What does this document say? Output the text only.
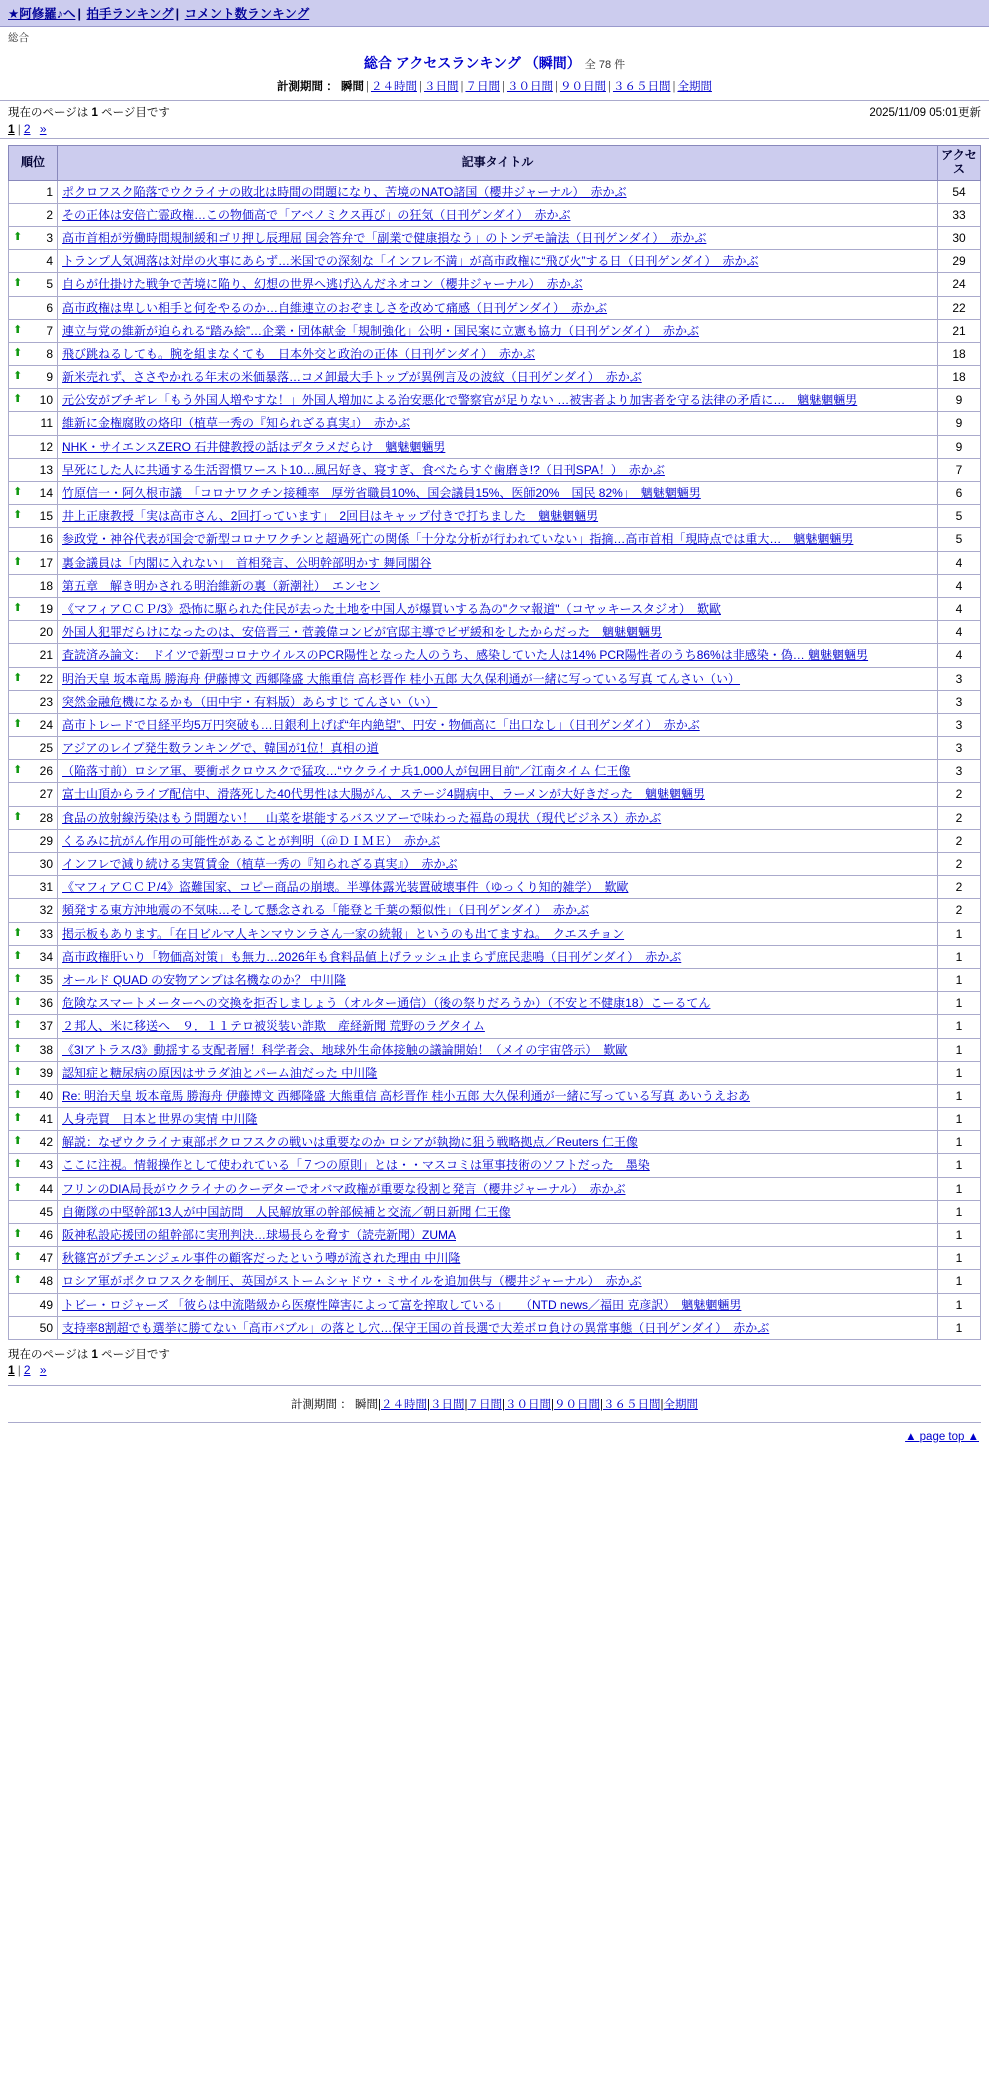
★阿修羅♪へ | 拍手ランキング | コメント数ランキング
総合
総合 アクセスランキング （瞬間） 全 78 件
計測期間 ： 瞬間 | ２４時間 | ３日間 | ７日間 | ３０日間 | ９０日間 | ３６５日間 | 全期間
現在のページは 1 ページ目です
1 | 2 »
2025/11/09 05:01更新
順位	記事タイトル	アクセス
1	ポクロフスク陥落でウクライナの敗北は時間の問題になり、苦境のNATO諸国（櫻井ジャーナル）　赤かぶ	54
2	その正体は安倍亡霊政権…この物価高で「アベノミクス再び」の狂気（日刊ゲンダイ）　赤かぶ	33

⬆ 3	高市首相が労働時間規制緩和ゴリ押し辰理屈 国会答弁で「副業で健康損なう」のトンデモ論法（日刊ゲンダイ）　赤かぶ	30
4	トランプ人気凋落は対岸の火事にあらず…米国での深刻な「インフレ不満」が高市政権に“飛び火”する日（日刊ゲンダイ）　赤かぶ	29

⬆ 5	自らが仕掛けた戦争で苦境に陥り、幻想の世界へ逃げ込んだネオコン（櫻井ジャーナル）　赤かぶ	24
6	高市政権は卑しい相手と何をやるのか…自維連立のおぞましさを改めて痛感（日刊ゲンダイ）　赤かぶ	22

⬆ 7	連立与党の維新が迫られる“踏み絵”…企業・団体献金「規制強化」公明・国民案に立憲も協力（日刊ゲンダイ）　赤かぶ	21

⬆ 8	飛び跳ねるしても。腕を組まなくても　日本外交と政治の正体（日刊ゲンダイ）　赤かぶ	18

⬆ 9	新米売れず、ささやかれる年末の米価暴落…コメ卸最大手トップが異例言及の波紋（日刊ゲンダイ）　赤かぶ	18

⬆ 10	元公安がブチギレ「もう外国人増やすな！」外国人増加による治安悪化で警察官が足りない …被害者より加害者を守る法律の矛盾に…　魑魅魍魎男	9
11	維新に金権腐敗の烙印（植草一秀の『知られざる真実』）　赤かぶ	9
12	NHK・サイエンスZERO 石井健教授の話はデタラメだらけ　魑魅魍魎男	9
13	早死にした人に共通する生活習慣ワースト10…風呂好き、寝すぎ、食べたらすぐ歯磨き!?（日刊SPA！）　赤かぶ	7

⬆ 14	竹原信一・阿久根市議　「コロナワクチン接種率　厚労省職員10%、国会議員15%、医師20%　国民 82%」　魑魅魍魎男	6

⬆ 15	井上正康教授「実は高市さん、2回打っています」　2回目はキャップ付きで打ちました　魑魅魍魎男	5
16	参政党・神谷代表が国会で新型コロナワクチンと超過死亡の関係「十分な分析が行われていない」指摘…高市首相「現時点では重大…　魑魅魍魎男	5

⬆ 17	裏金議員は「内閣に入れない」　首相発言、公明幹部明かす 舞同閣谷	4
18	第五章　解き明かされる明治維新の裏（新潮社）　エンセン	4

⬆ 19	《マフィアＣＣＰ/3》恐怖に駆られた住民が去った土地を中国人が爆買いする為の"クマ報道"（コヤッキースタジオ）　歎歐	4
20	外国人犯罪だらけになったのは、安倍晋三・菅義偉コンビが官邸主導でビザ緩和をしたからだった　魑魅魍魎男	4
21	査読済み論文：　ドイツで新型コロナウイルスのPCR陽性となった人のうち、感染していた人は14% PCR陽性者のうち86%は非感染・偽… 魑魅魍魎男	4

⬆ 22	明治天皇 坂本竜馬 勝海舟 伊藤博文 西郷隆盛 大熊重信 高杉晋作 桂小五郎 大久保利通が一緒に写っている写真 てんさい（い）	3
23	突然金融危機になるかも（田中宇・有料版）あらすじ てんさい（い）	3

⬆ 24	高市トレードで日経平均5万円突破も…日銀利上げば“年内絶望”、円安・物価高に「出口なし」（日刊ゲンダイ）　赤かぶ	3
25	アジアのレイプ発生数ランキングで、韓国が1位！真相の道	3

⬆ 26	（陥落寸前）ロシア軍、要衝ポクロウスクで猛攻…“ウクライナ兵1,000人が包囲目前”／江南タイム 仁王像	3
27	富士山頂からライブ配信中、滑落死した40代男性は大腸がん、ステージ4闘病中、ラーメンが大好きだった　魑魅魍魎男	2

⬆ 28	食品の放射線汚染はもう問題ない！　山菜を堪能するバスツアーで味わった福島の現状（現代ビジネス）赤かぶ	2
29	くるみに抗がん作用の可能性があることが判明（＠ＤＩＭＥ）　赤かぶ	2
30	インフレで減り続ける実質賃金（植草一秀の『知られざる真実』）　赤かぶ	2
31	《マフィアＣＣＰ/4》盗難国家、コピー商品の崩壊。半導体露光装置破壊事件（ゆっくり知的雑学）　歎歐	2
32	頻発する東方沖地震の不気味…そして懸念される「能登と千葉の類似性」（日刊ゲンダイ）　赤かぶ	2

⬆ 33	掲示板もあります。「在日ビルマ人キンマウンラさん一家の続報」というのも出てますね。　クエスチョン	1

⬆ 34	高市政権肝いり「物価高対策」も無力…2026年も食料品値上げラッシュ止まらず庶民悲鳴（日刊ゲンダイ）　赤かぶ	1

⬆ 35	オールド QUAD の安物アンプは名機なのか？ 中川隆	1

⬆ 36	危険なスマートメーターへの交換を拒否しましょう（オルター通信）（後の祭りだろうか）（不安と不健康18）こーるてん	1

⬆ 37	２邦人、米に移送へ　９．１１テロ被災装い詐欺　産経新聞 荒野のラグタイム	1

⬆ 38	《3Iアトラス/3》動揺する支配者層！科学者会、地球外生命体接触の議論開始！（メイの宇宙啓示）　歎歐	1

⬆ 39	認知症と糖尿病の原因はサラダ油とパーム油だった 中川隆	1

⬆ 40	Re: 明治天皇 坂本竜馬 勝海舟 伊藤博文 西郷隆盛 大熊重信 高杉晋作 桂小五郎 大久保利通が一緒に写っている写真 あいうえおあ	1

⬆ 41	人身売買　日本と世界の実情 中川隆	1

⬆ 42	解説：なぜウクライナ東部ポクロフスクの戦いは重要なのか ロシアが執拗に狙う戦略拠点／Reuters 仁王像	1

⬆ 43	ここに注視。情報操作として使われている「７つの原則」とは・・マスコミは軍事技術のソフトだった　墨染	1

⬆ 44	フリンのDIA局長がウクライナのクーデターでオバマ政権が重要な役割と発言（櫻井ジャーナル）　赤かぶ	1
45	自衛隊の中堅幹部13人が中国訪問　人民解放軍の幹部候補と交流／朝日新聞 仁王像	1

⬆ 46	阪神私設応援団の組幹部に実刑判決…球場長らを脅す（読売新聞）ZUMA	1

⬆ 47	秋篠宮がプチエンジェル事件の顧客だったという噂が流された理由 中川隆	1

⬆ 48	ロシア軍がポクロフスクを制圧、英国がストームシャドウ・ミサイルを追加供与（櫻井ジャーナル）　赤かぶ	1
49	トビー・ロジャーズ 「彼らは中流階級から医療性障害によって富を搾取している」　　（NTD news／福田 克彦訳）　魑魅魍魎男	1
50	支持率8割超でも選挙に勝てない「高市バブル」の落とし穴…保守王国の首長選で大差ボロ負けの異常事態（日刊ゲンダイ）　赤かぶ	1
現在のページは 1 ページ目です
1 | 2 »
計測期間 ： 瞬間|２４時間|３日間|７日間|３０日間|９０日間|３６５日間|全期間
▲ page top ▲
